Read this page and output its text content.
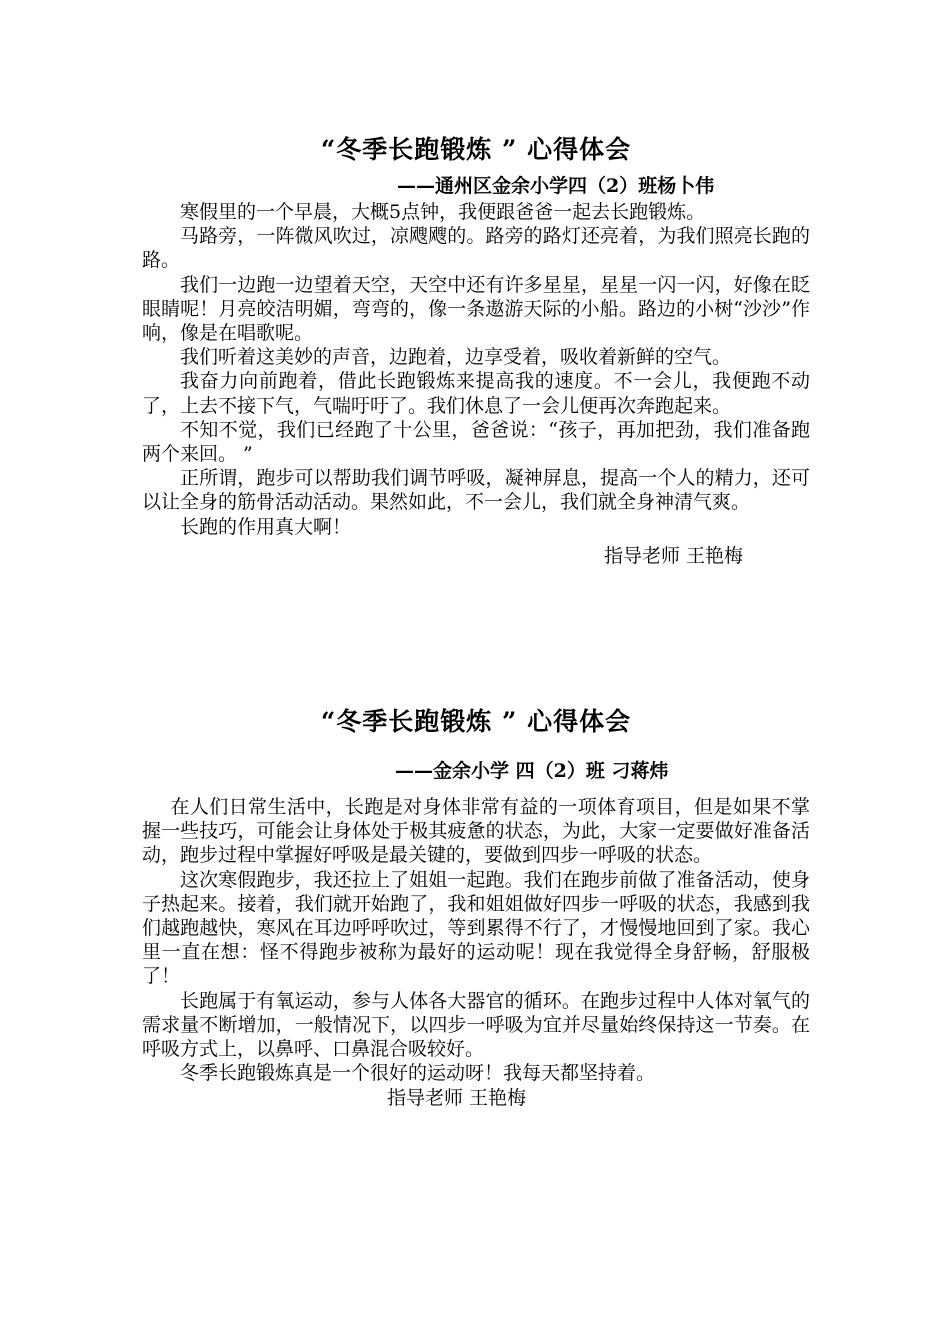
“冬季长跑锻炼 ” 心得体会

——通州区金余小学四（2）班杨卜伟

寒假里的一个早晨，大概5点钟，我便跟爸爸一起去长跑锻炼。

马路旁，一阵微风吹过，凉飕飕的。路旁的路灯还亮着，为我们照亮长跑的路。

我们一边跑一边望着天空，天空中还有许多星星，星星一闪一闪，好像在眨眼睛呢！月亮皎洁明媚，弯弯的，像一条遨游天际的小船。路边的小树“沙沙”作响，像是在唱歌呢。

我们听着这美妙的声音，边跑着，边享受着，吸收着新鲜的空气。

我奋力向前跑着，借此长跑锻炼来提高我的速度。不一会儿，我便跑不动了，上去不接下气，气喘吁吁了。我们休息了一会儿便再次奔跑起来。

不知不觉，我们已经跑了十公里，爸爸说：“孩子，再加把劲，我们准备跑两个来回。 ”

正所谓，跑步可以帮助我们调节呼吸，凝神屏息，提高一个人的精力，还可以让全身的筋骨活动活动。果然如此，不一会儿，我们就全身神清气爽。

长跑的作用真大啊！

指导老师 王艳梅

“冬季长跑锻炼 ” 心得体会

——金余小学 四（2）班 刁蒋炜

在人们日常生活中，长跑是对身体非常有益的一项体育项目，但是如果不掌握一些技巧，可能会让身体处于极其疲惫的状态，为此，大家一定要做好准备活动，跑步过程中掌握好呼吸是最关键的，要做到四步一呼吸的状态。

这次寒假跑步，我还拉上了姐姐一起跑。我们在跑步前做了准备活动，使身子热起来。接着，我们就开始跑了，我和姐姐做好四步一呼吸的状态，我感到我们越跑越快，寒风在耳边呼呼吹过，等到累得不行了，才慢慢地回到了家。我心里一直在想：怪不得跑步被称为最好的运动呢！现在我觉得全身舒畅，舒服极了！

长跑属于有氧运动，参与人体各大器官的循环。在跑步过程中人体对氧气的需求量不断增加，一般情况下，以四步一呼吸为宜并尽量始终保持这一节奏。在呼吸方式上，以鼻呼、口鼻混合吸较好。

冬季长跑锻炼真是一个很好的运动呀！我每天都坚持着。

指导老师 王艳梅
